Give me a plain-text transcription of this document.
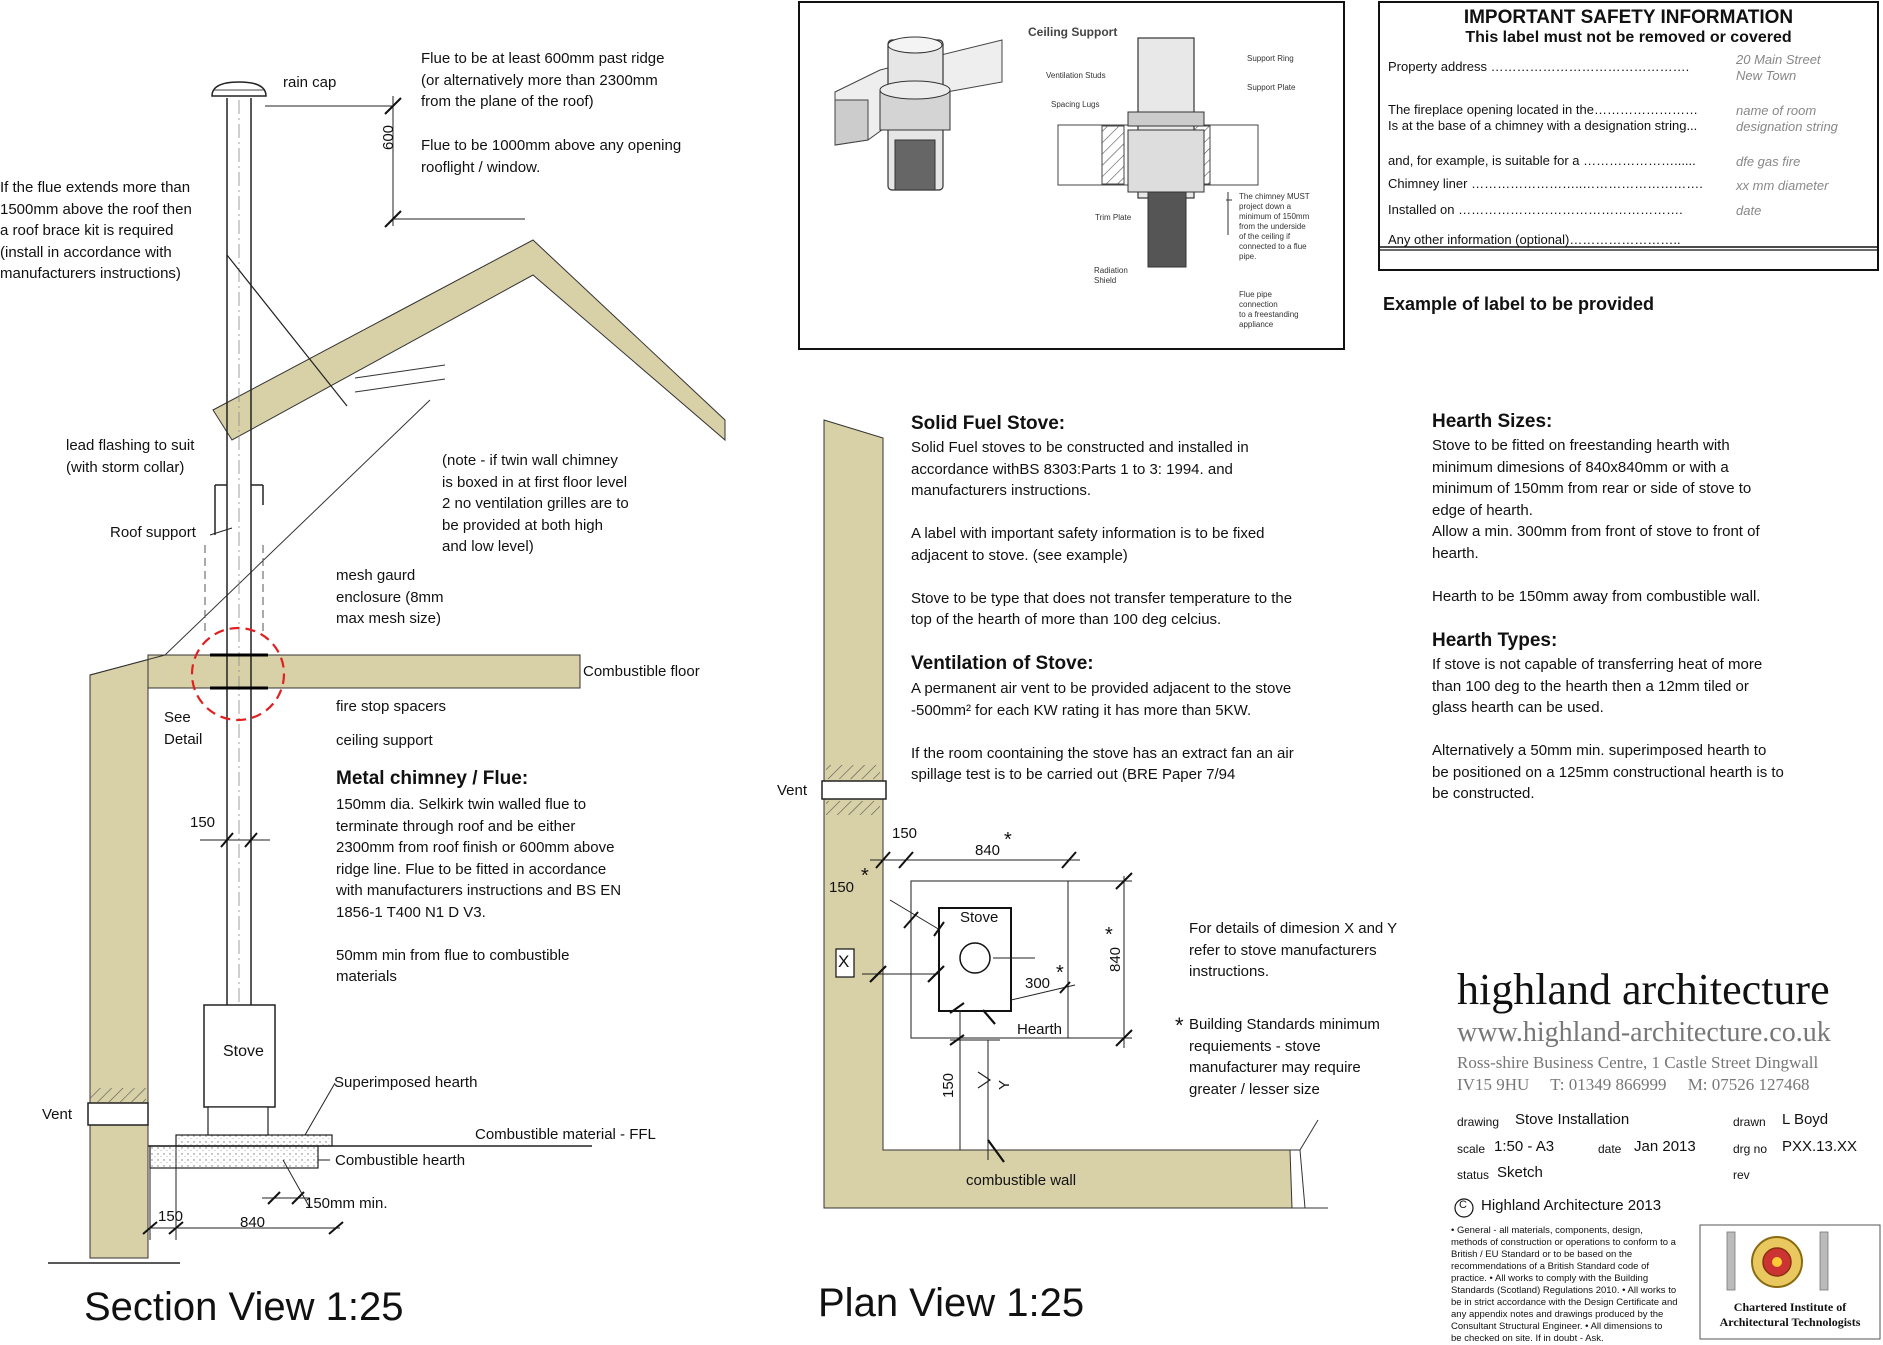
rain cap
600
Flue to be at least 600mm past ridge
(or alternatively more than 2300mm
from the plane of the roof)
Flue to be 1000mm above any opening
rooflight / window.
If the flue extends more than
1500mm above the roof then
a roof brace kit is required
(install in accordance with
manufacturers instructions)
lead flashing to suit
(with storm collar)
Roof support
(note - if twin wall chimney
is boxed in at first floor level
2 no ventilation grilles are to
be provided at both high
and low level)
mesh gaurd
enclosure (8mm
max mesh size)
Combustible floor
fire stop spacers
ceiling support
See
Detail
Metal chimney / Flue:
150mm dia. Selkirk twin walled flue to
terminate through roof and be either
2300mm from roof finish or 600mm above
ridge line. Flue to be fitted in accordance
with manufacturers instructions and BS EN
1856-1 T400 N1 D V3.

50mm min from flue to combustible
materials
150
Stove
Superimposed hearth
Combustible material - FFL
Combustible hearth
Vent
150	840
150mm min.
Section View 1:25
Ceiling Support
Ventilation Studs
Support Ring
Support Plate
Spacing Lugs
Trim Plate
Radiation
Shield
The chimney MUST
project down a
minimum of 150mm
from the underside
of the ceiling if
connected to a flue
pipe.
Flue pipe
connection
to a freestanding
appliance
IMPORTANT SAFETY INFORMATION
This label must not be removed or covered
Property address ……………………………………….	20 Main Street
New Town
The fireplace opening located in the……………………
Is at the base of a chimney with a designation string...
name of room
designation string
and, for example, is suitable for a …………………......	dfe gas fire
Chimney liner ……………………..……………………….	xx mm diameter
Installed on …………………………………………….	date
Any other information (optional)……………………..
Example of label to be provided
Solid Fuel Stove:
Solid Fuel stoves to be constructed and installed in
accordance withBS 8303:Parts 1 to 3: 1994. and
manufacturers instructions.

A label with important safety information is to be fixed
adjacent to stove. (see example)

Stove to be type that does not transfer temperature to the
top of the hearth of more than 100 deg celcius.
Ventilation of Stove:
A permanent air vent to be provided adjacent to the stove
-500mm² for each KW rating it has more than 5KW.

If the room coontaining the stove has an extract fan an air
spillage test is to be carried out (BRE Paper 7/94
Hearth Sizes:
Stove to be fitted on freestanding hearth with
minimum dimesions of 840x840mm or with a
minimum of 150mm from rear or side of stove to
edge of hearth.
Allow a min. 300mm from front of stove to front of
hearth.

Hearth to be 150mm away from combustible wall.
Hearth Types:
If stove is not capable of transferring heat of more
than 100 deg to the hearth then a 12mm tiled or
glass hearth can be used.

Alternatively a 50mm min. superimposed hearth to
be positioned on a 125mm constructional hearth is to
be constructed.
Vent
150
840 *
150
*
X
Stove
300 *
Hearth
840
*
150	Y
combustible wall
For details of dimesion X and Y
refer to stove manufacturers
instructions.
* Building Standards minimum
requiements - stove
manufacturer may require
greater / lesser size
Plan View 1:25
highland architecture
www.highland-architecture.co.uk
Ross-shire Business Centre, 1 Castle Street Dingwall
IV15 9HU     T: 01349 866999     M: 07526 127468
drawing Stove Installation	drawn L Boyd
scale 1:50 - A3	date Jan 2013	drg no PXX.13.XX
status Sketch	rev
C Highland Architecture 2013
• General - all materials, components, design,
methods of construction or operations to conform to a
British / EU Standard or to be based on the
recommendations of a British Standard code of
practice. • All works to comply with the Building
Standards (Scotland) Regulations 2010. • All works to
be in strict accordance with the Design Certificate and
any appendix notes and drawings produced by the
Consultant Structural Engineer. • All dimensions to
be checked on site. If in doubt - Ask.
Chartered Institute of
Architectural Technologists
